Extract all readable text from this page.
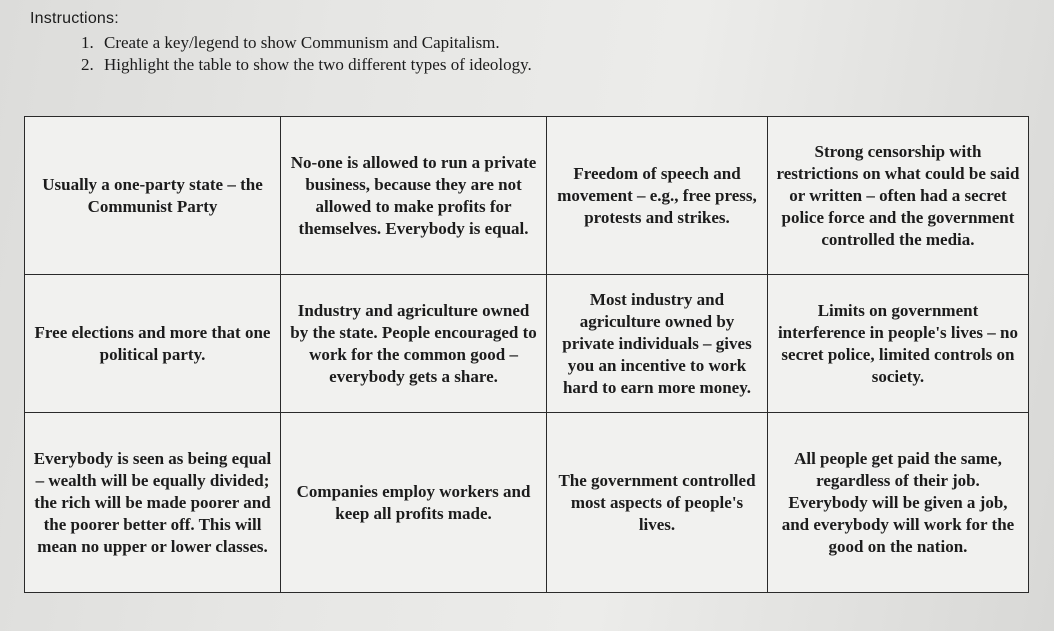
Instructions:

1. Create a key/legend to show Communism and Capitalism.
2. Highlight the table to show the two different types of ideology.
Usually a one-party state – the Communist Party	No-one is allowed to run a private business, because they are not allowed to make profits for themselves. Everybody is equal.	Freedom of speech and movement – e.g., free press, protests and strikes.	Strong censorship with restrictions on what could be said or written – often had a secret police force and the government controlled the media.
Free elections and more that one political party.	Industry and agriculture owned by the state. People encouraged to work for the common good – everybody gets a share.	Most industry and agriculture owned by private individuals – gives you an incentive to work hard to earn more money.	Limits on government interference in people's lives – no secret police, limited controls on society.
Everybody is seen as being equal – wealth will be equally divided; the rich will be made poorer and the poorer better off. This will mean no upper or lower classes.	Companies employ workers and keep all profits made.	The government controlled most aspects of people's lives.	All people get paid the same, regardless of their job. Everybody will be given a job, and everybody will work for the good on the nation.
